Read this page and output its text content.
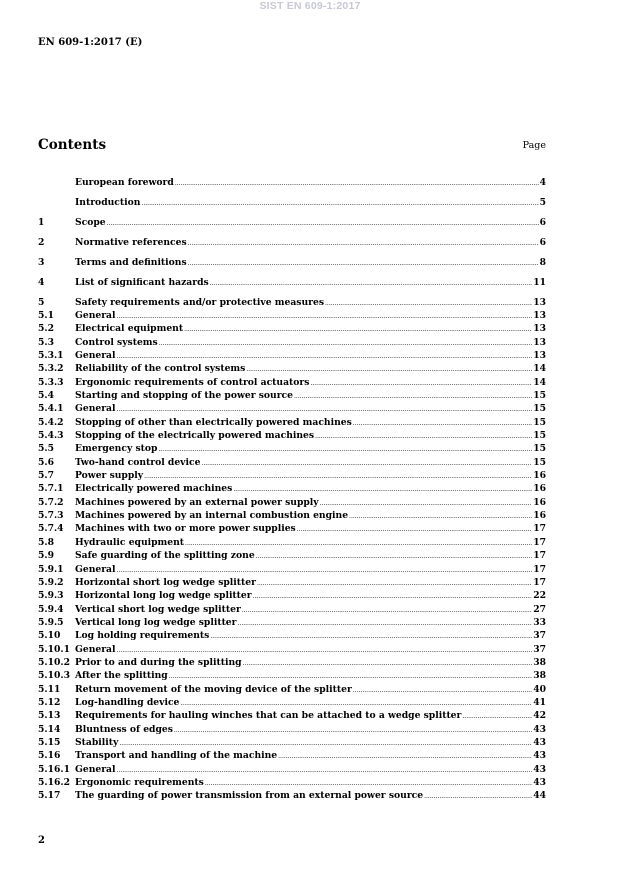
SIST EN 609-1:2017
EN 609-1:2017 (E)
Contents	Page
European foreword .....	4
Introduction .....	5
1	Scope .....	6
2	Normative references .....	6
3	Terms and definitions .....	8
4	List of significant hazards .....	11
5	Safety requirements and/or protective measures .....	13
5.1	General .....	13
5.2	Electrical equipment .....	13
5.3	Control systems .....	13
5.3.1	General .....	13
5.3.2	Reliability of the control systems .....	14
5.3.3	Ergonomic requirements of control actuators .....	14
5.4	Starting and stopping of the power source .....	15
5.4.1	General .....	15
5.4.2	Stopping of other than electrically powered machines .....	15
5.4.3	Stopping of the electrically powered machines .....	15
5.5	Emergency stop .....	15
5.6	Two-hand control device .....	15
5.7	Power supply .....	16
5.7.1	Electrically powered machines .....	16
5.7.2	Machines powered by an external power supply .....	16
5.7.3	Machines powered by an internal combustion engine .....	16
5.7.4	Machines with two or more power supplies .....	17
5.8	Hydraulic equipment .....	17
5.9	Safe guarding of the splitting zone .....	17
5.9.1	General .....	17
5.9.2	Horizontal short log wedge splitter .....	17
5.9.3	Horizontal long log wedge splitter .....	22
5.9.4	Vertical short log wedge splitter .....	27
5.9.5	Vertical long log wedge splitter .....	33
5.10	Log holding requirements .....	37
5.10.1 General .....	37
5.10.2 Prior to and during the splitting .....	38
5.10.3 After the splitting .....	38
5.11	Return movement of the moving device of the splitter .....	40
5.12	Log-handling device .....	41
5.13	Requirements for hauling winches that can be attached to a wedge splitter .....	42
5.14	Bluntness of edges .....	43
5.15	Stability .....	43
5.16	Transport and handling of the machine .....	43
5.16.1 General .....	43
5.16.2 Ergonomic requirements .....	43
5.17	The guarding of power transmission from an external power source .....	44
2
